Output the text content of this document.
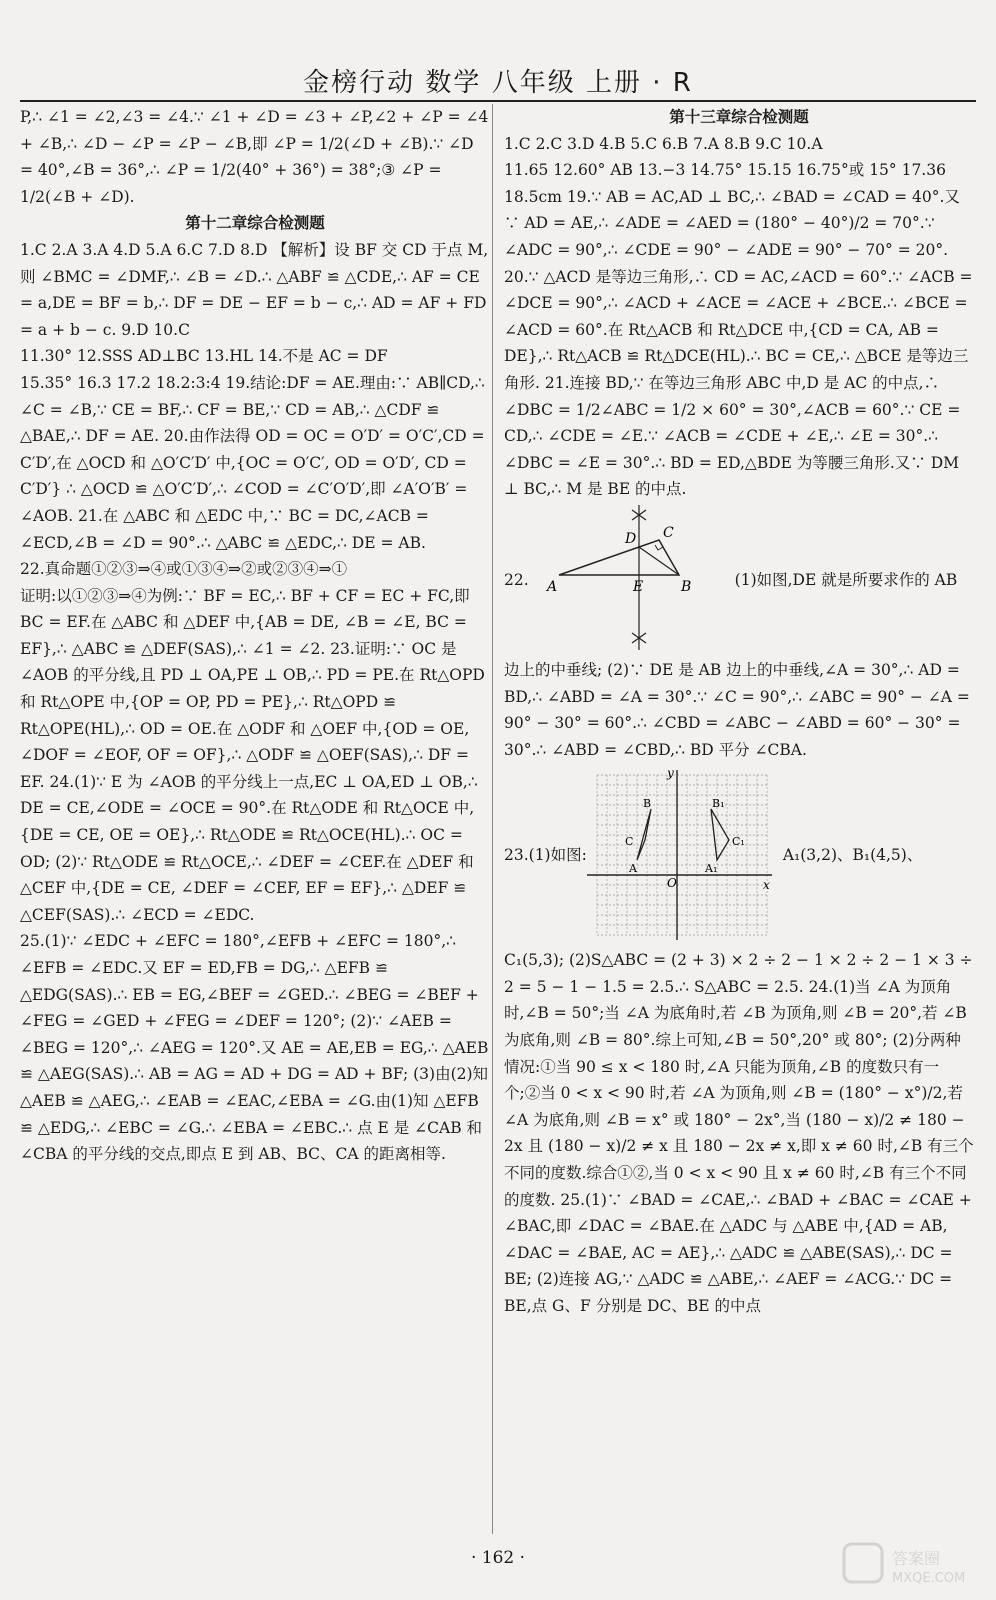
金榜行动 数学 八年级 上册 · R
P,∴ ∠1 = ∠2,∠3 = ∠4.∵ ∠1 + ∠D = ∠3 + ∠P,∠2 + ∠P = ∠4 + ∠B,∴ ∠D − ∠P = ∠P − ∠B,即 ∠P = 1/2(∠D + ∠B).∵ ∠D = 40°,∠B = 36°,∴ ∠P = 1/2(40° + 36°) = 38°;③ ∠P = 1/2(∠B + ∠D).
第十二章综合检测题
1.C 2.A 3.A 4.D 5.A 6.C 7.D 8.D 【解析】设 BF 交 CD 于点 M,则 ∠BMC = ∠DMF,∴ ∠B = ∠D.∴ △ABF ≌ △CDE,∴ AF = CE = a,DE = BF = b,∴ DF = DE − EF = b − c,∴ AD = AF + FD = a + b − c. 9.D 10.C
11.30° 12.SSS AD⊥BC 13.HL 14.不是 AC = DF
15.35° 16.3 17.2 18.2:3:4 19.结论:DF = AE.理由:∵ AB∥CD,∴ ∠C = ∠B,∵ CE = BF,∴ CF = BE,∵ CD = AB,∴ △CDF ≌ △BAE,∴ DF = AE. 20.由作法得 OD = OC = O′D′ = O′C′,CD = C′D′,在 △OCD 和 △O′C′D′ 中,{OC = O′C′, OD = O′D′, CD = C′D′} ∴ △OCD ≌ △O′C′D′,∴ ∠COD = ∠C′O′D′,即 ∠A′O′B′ = ∠AOB. 21.在 △ABC 和 △EDC 中,∵ BC = DC,∠ACB = ∠ECD,∠B = ∠D = 90°.∴ △ABC ≌ △EDC,∴ DE = AB.
22.真命题①②③⇒④或①③④⇒②或②③④⇒①
证明:以①②③⇒④为例:∵ BF = EC,∴ BF + CF = EC + FC,即 BC = EF.在 △ABC 和 △DEF 中,{AB = DE, ∠B = ∠E, BC = EF},∴ △ABC ≌ △DEF(SAS),∴ ∠1 = ∠2. 23.证明:∵ OC 是 ∠AOB 的平分线,且 PD ⊥ OA,PE ⊥ OB,∴ PD = PE.在 Rt△OPD 和 Rt△OPE 中,{OP = OP, PD = PE},∴ Rt△OPD ≌ Rt△OPE(HL),∴ OD = OE.在 △ODF 和 △OEF 中,{OD = OE, ∠DOF = ∠EOF, OF = OF},∴ △ODF ≌ △OEF(SAS),∴ DF = EF. 24.(1)∵ E 为 ∠AOB 的平分线上一点,EC ⊥ OA,ED ⊥ OB,∴ DE = CE,∠ODE = ∠OCE = 90°.在 Rt△ODE 和 Rt△OCE 中,{DE = CE, OE = OE},∴ Rt△ODE ≌ Rt△OCE(HL).∴ OC = OD; (2)∵ Rt△ODE ≌ Rt△OCE,∴ ∠DEF = ∠CEF.在 △DEF 和 △CEF 中,{DE = CE, ∠DEF = ∠CEF, EF = EF},∴ △DEF ≌ △CEF(SAS).∴ ∠ECD = ∠EDC.
25.(1)∵ ∠EDC + ∠EFC = 180°,∠EFB + ∠EFC = 180°,∴ ∠EFB = ∠EDC.又 EF = ED,FB = DG,∴ △EFB ≌ △EDG(SAS).∴ EB = EG,∠BEF = ∠GED.∴ ∠BEG = ∠BEF + ∠FEG = ∠GED + ∠FEG = ∠DEF = 120°; (2)∵ ∠AEB = ∠BEG = 120°,∴ ∠AEG = 120°.又 AE = AE,EB = EG,∴ △AEB ≌ △AEG(SAS).∴ AB = AG = AD + DG = AD + BF; (3)由(2)知 △AEB ≌ △AEG,∴ ∠EAB = ∠EAC,∠EBA = ∠G.由(1)知 △EFB ≌ △EDG,∴ ∠EBC = ∠G.∴ ∠EBA = ∠EBC.∴ 点 E 是 ∠CAB 和 ∠CBA 的平分线的交点,即点 E 到 AB、BC、CA 的距离相等.
第十三章综合检测题
1.C 2.C 3.D 4.B 5.C 6.B 7.A 8.B 9.C 10.A
11.65 12.60° AB 13.−3 14.75° 15.15 16.75°或 15° 17.36 18.5cm 19.∵ AB = AC,AD ⊥ BC,∴ ∠BAD = ∠CAD = 40°.又∵ AD = AE,∴ ∠ADE = ∠AED = (180° − 40°)/2 = 70°.∵ ∠ADC = 90°,∴ ∠CDE = 90° − ∠ADE = 90° − 70° = 20°. 20.∵ △ACD 是等边三角形,∴ CD = AC,∠ACD = 60°.∵ ∠ACB = ∠DCE = 90°,∴ ∠ACD + ∠ACE = ∠ACE + ∠BCE.∴ ∠BCE = ∠ACD = 60°.在 Rt△ACB 和 Rt△DCE 中,{CD = CA, AB = DE},∴ Rt△ACB ≌ Rt△DCE(HL).∴ BC = CE,∴ △BCE 是等边三角形. 21.连接 BD,∵ 在等边三角形 ABC 中,D 是 AC 的中点,∴ ∠DBC = 1/2∠ABC = 1/2 × 60° = 30°,∠ACB = 60°.∵ CE = CD,∴ ∠CDE = ∠E.∵ ∠ACB = ∠CDE + ∠E,∴ ∠E = 30°.∴ ∠DBC = ∠E = 30°.∴ BD = ED,△BDE 为等腰三角形.又∵ DM ⊥ BC,∴ M 是 BE 的中点.
22. A	E	B
C
D
(1)如图,DE 就是所要求作的 AB
边上的中垂线; (2)∵ DE 是 AB 边上的中垂线,∠A = 30°,∴ AD = BD,∴ ∠ABD = ∠A = 30°.∵ ∠C = 90°,∴ ∠ABC = 90° − ∠A = 90° − 30° = 60°.∴ ∠CBD = ∠ABC − ∠ABD = 60° − 30° = 30°.∴ ∠ABD = ∠CBD,∴ BD 平分 ∠CBA.
23.(1)如图:
x
y
O
A
B
C
A₁
B₁
C₁
A₁(3,2)、B₁(4,5)、
C₁(5,3); (2)S△ABC = (2 + 3) × 2 ÷ 2 − 1 × 2 ÷ 2 − 1 × 3 ÷ 2 = 5 − 1 − 1.5 = 2.5.∴ S△ABC = 2.5. 24.(1)当 ∠A 为顶角时,∠B = 50°;当 ∠A 为底角时,若 ∠B 为顶角,则 ∠B = 20°,若 ∠B 为底角,则 ∠B = 80°.综上可知,∠B = 50°,20° 或 80°; (2)分两种情况:①当 90 ≤ x < 180 时,∠A 只能为顶角,∠B 的度数只有一个;②当 0 < x < 90 时,若 ∠A 为顶角,则 ∠B = (180° − x°)/2,若 ∠A 为底角,则 ∠B = x° 或 180° − 2x°,当 (180 − x)/2 ≠ 180 − 2x 且 (180 − x)/2 ≠ x 且 180 − 2x ≠ x,即 x ≠ 60 时,∠B 有三个不同的度数.综合①②,当 0 < x < 90 且 x ≠ 60 时,∠B 有三个不同的度数. 25.(1)∵ ∠BAD = ∠CAE,∴ ∠BAD + ∠BAC = ∠CAE + ∠BAC,即 ∠DAC = ∠BAE.在 △ADC 与 △ABE 中,{AD = AB, ∠DAC = ∠BAE, AC = AE},∴ △ADC ≌ △ABE(SAS),∴ DC = BE; (2)连接 AG,∵ △ADC ≌ △ABE,∴ ∠AEF = ∠ACG.∵ DC = BE,点 G、F 分别是 DC、BE 的中点
· 162 ·	答案圈
MXQE.COM
